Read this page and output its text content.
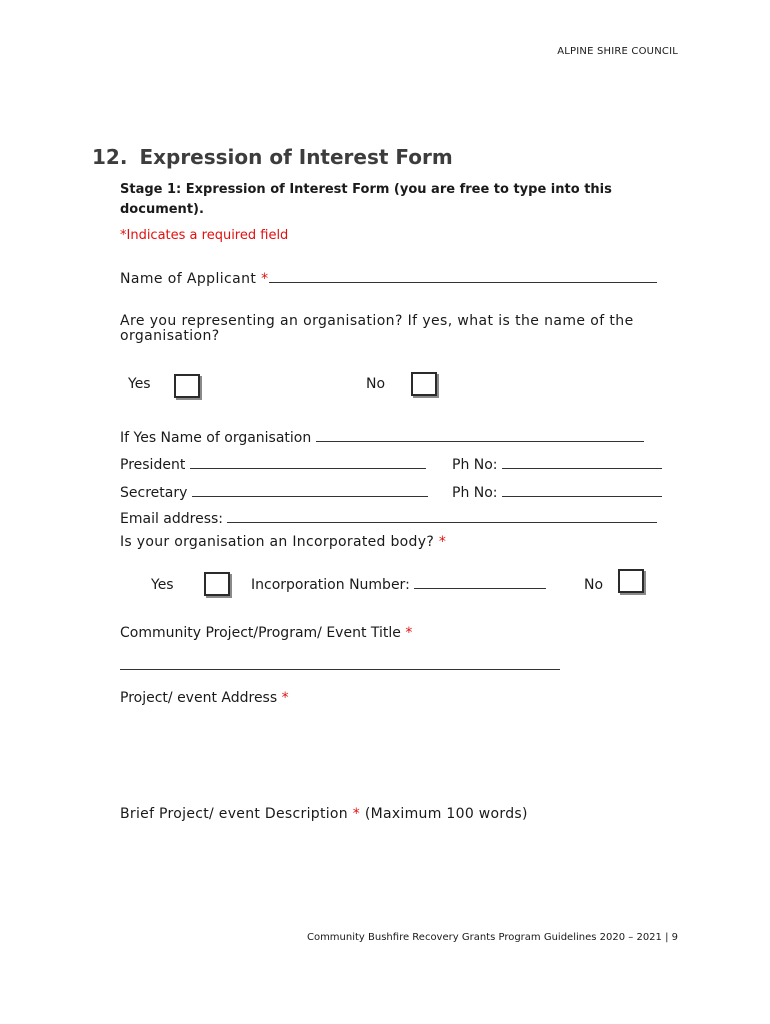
ALPINE SHIRE COUNCIL
12. Expression of Interest Form
Stage 1: Expression of Interest Form (you are free to type into this document).
*Indicates a required field
Name of Applicant *
Are you representing an organisation? If yes, what is the name of the organisation?
Yes	No
If Yes Name of organisation
President	Ph No:
Secretary	Ph No:
Email address:
Is your organisation an Incorporated body? *
Yes	Incorporation Number:	No
Community Project/Program/ Event Title *
Project/ event Address *
Brief Project/ event Description * (Maximum 100 words)
Community Bushfire Recovery Grants Program Guidelines 2020 – 2021 | 9
